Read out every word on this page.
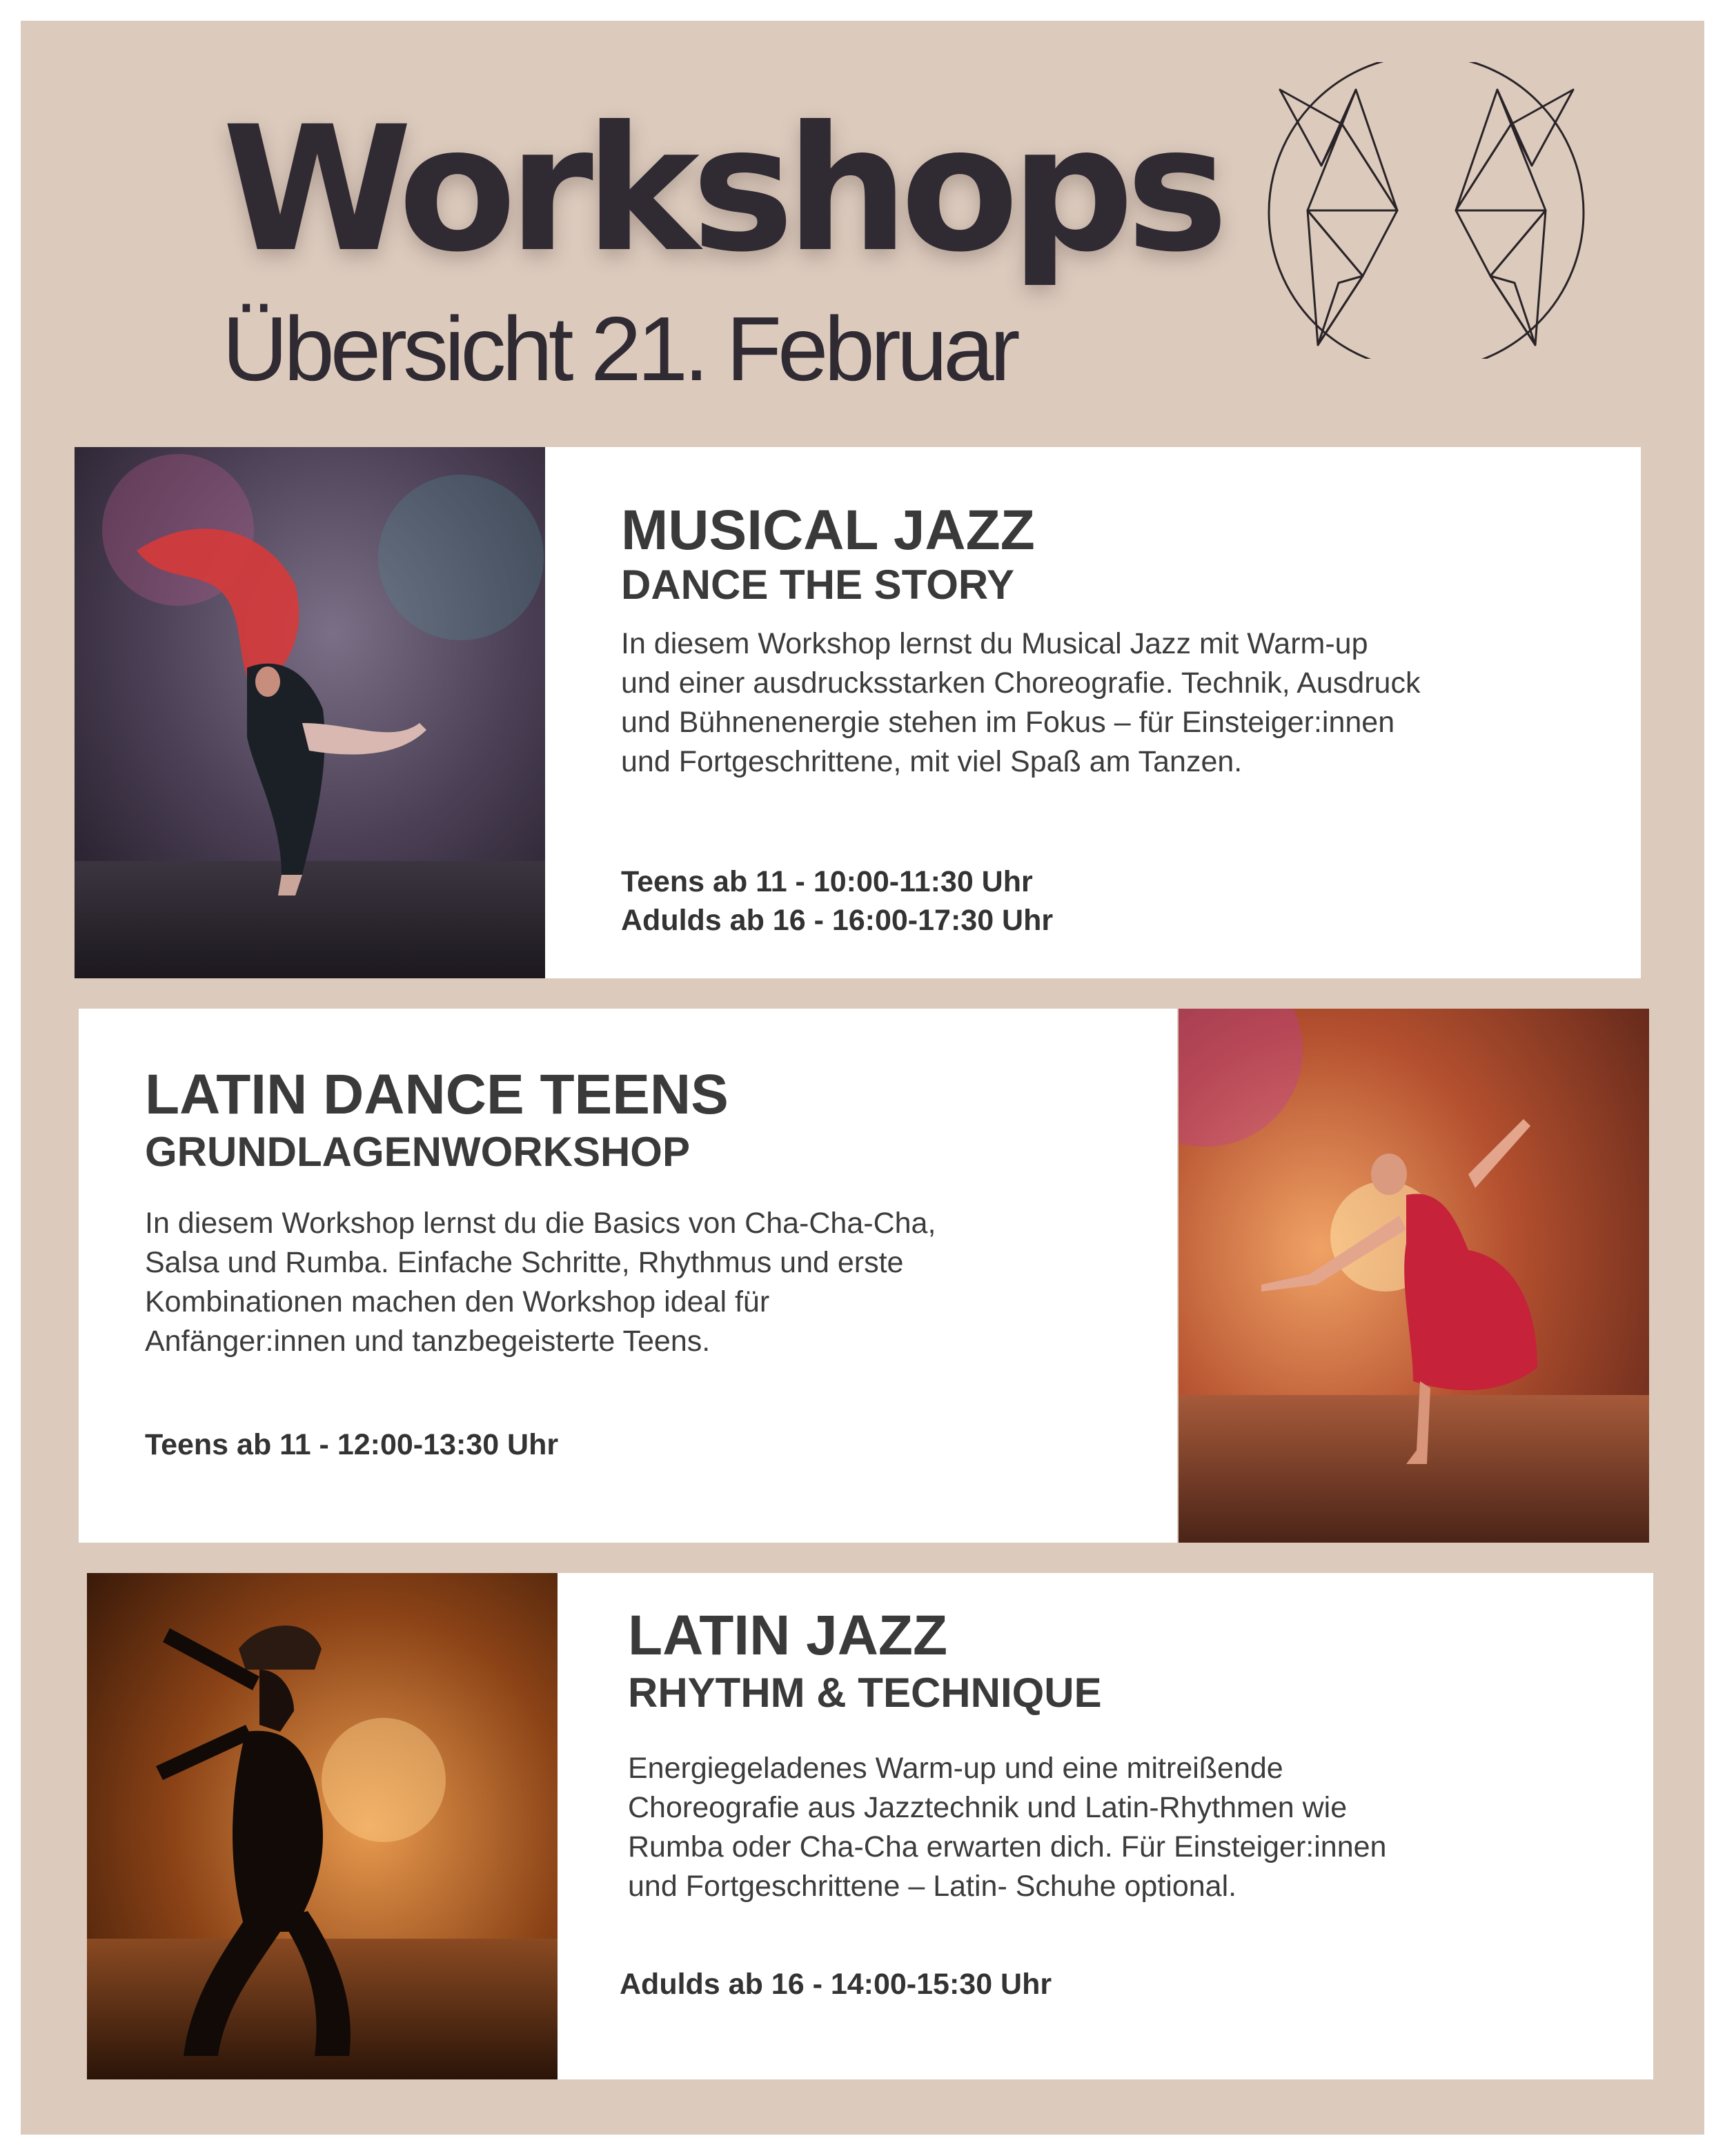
Workshops
Übersicht 21. Februar
MUSICAL JAZZ
DANCE THE STORY
In diesem Workshop lernst du Musical Jazz mit Warm-up
und einer ausdrucksstarken Choreografie. Technik, Ausdruck
und Bühnenenergie stehen im Fokus – für Einsteiger:innen
und Fortgeschrittene, mit viel Spaß am Tanzen.
Teens ab 11 - 10:00-11:30 Uhr
Adulds ab 16 - 16:00-17:30 Uhr
LATIN DANCE TEENS
GRUNDLAGENWORKSHOP
In diesem Workshop lernst du die Basics von Cha-Cha-Cha,
Salsa und Rumba. Einfache Schritte, Rhythmus und erste
Kombinationen machen den Workshop ideal für
Anfänger:innen und tanzbegeisterte Teens.
Teens ab 11 - 12:00-13:30 Uhr
LATIN JAZZ
RHYTHM & TECHNIQUE
Energiegeladenes Warm-up und eine mitreißende
Choreografie aus Jazztechnik und Latin-Rhythmen wie
Rumba oder Cha-Cha erwarten dich. Für Einsteiger:innen
und Fortgeschrittene – Latin- Schuhe optional.
Adulds ab 16 - 14:00-15:30 Uhr
